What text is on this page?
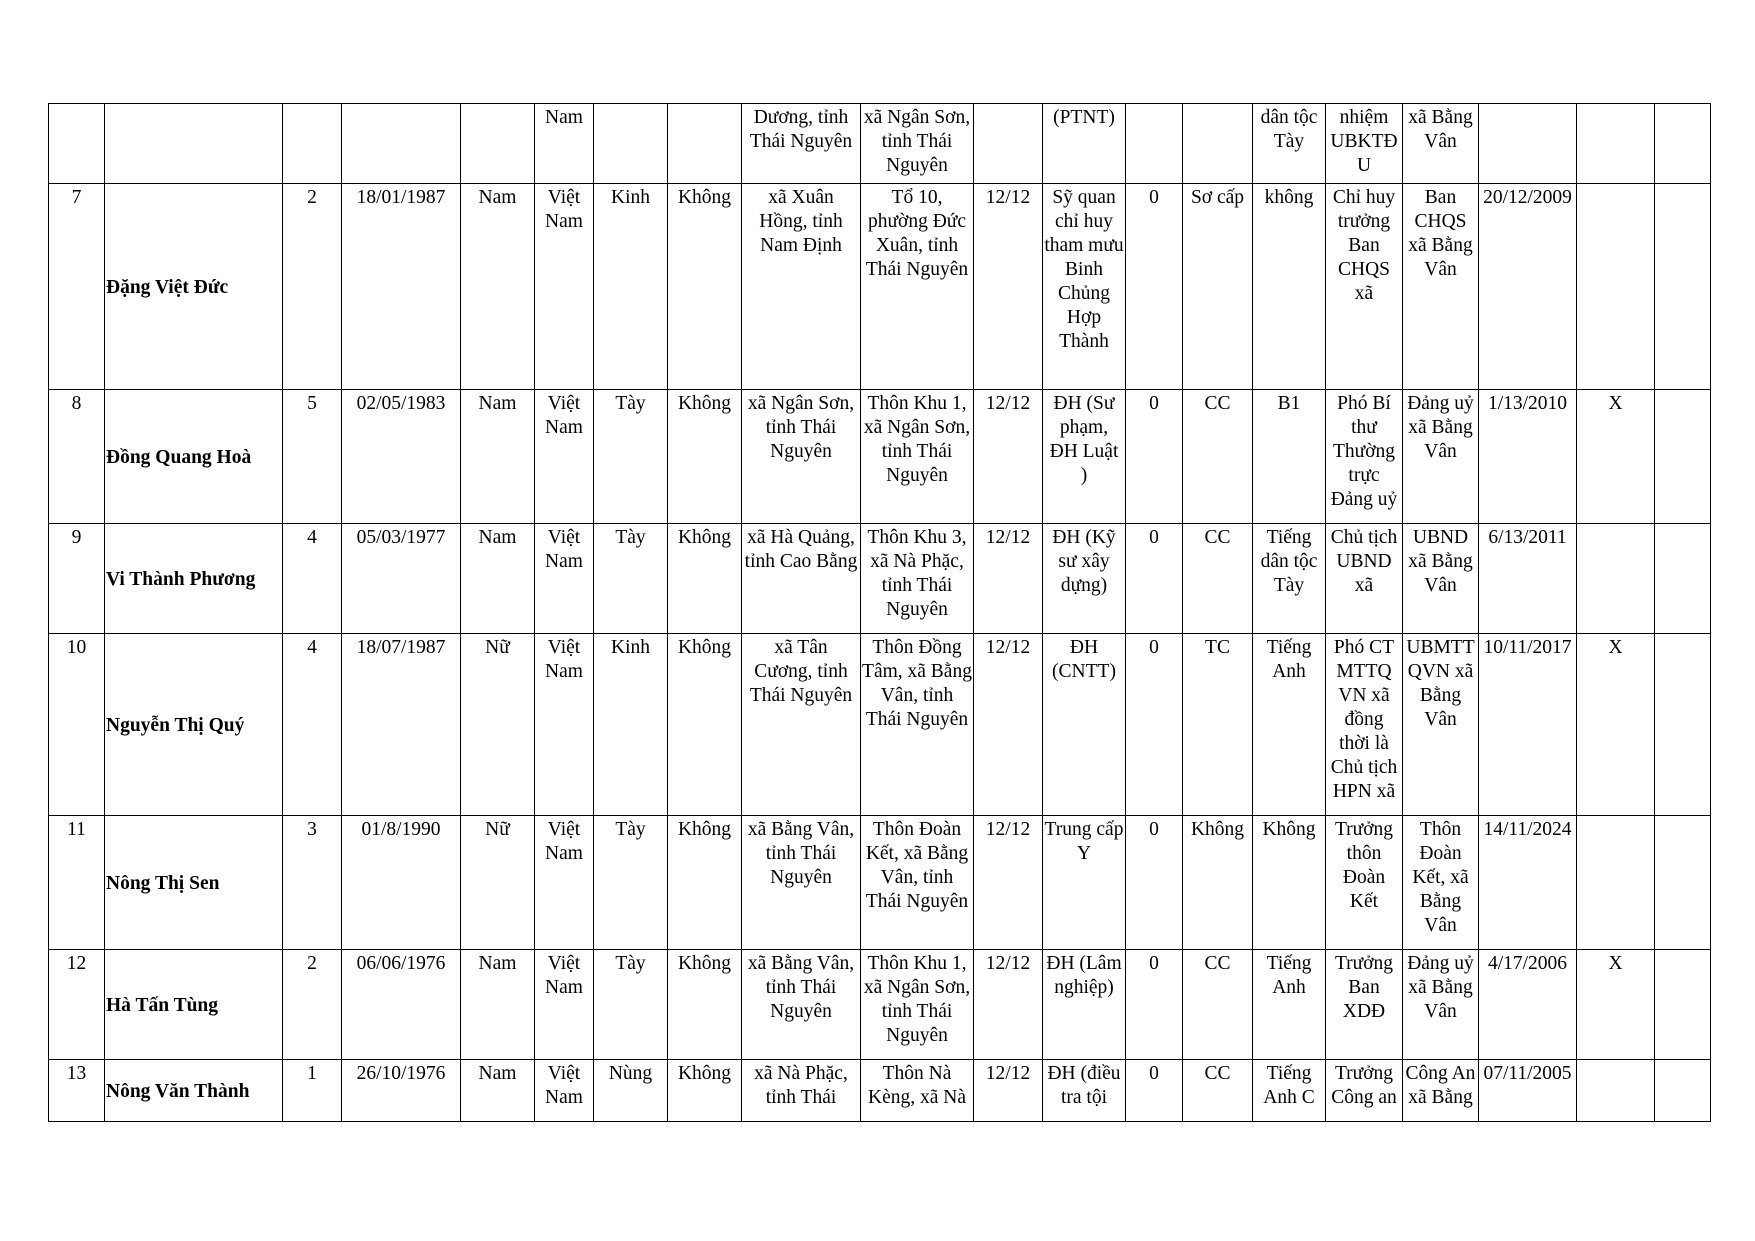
					Nam			Dương, tỉnh Thái Nguyên	xã Ngân Sơn, tỉnh Thái Nguyên		(PTNT)			dân tộc Tày	nhiệm UBKTĐ U	xã Bằng Vân			
7	Đặng Việt Đức	2	18/01/1987	Nam	Việt Nam	Kinh	Không	xã Xuân Hồng, tỉnh Nam Định	Tổ 10, phường Đức Xuân, tỉnh Thái Nguyên	12/12	Sỹ quan chỉ huy tham mưu Binh Chủng Hợp Thành	0	Sơ cấp	không	Chỉ huy trưởng Ban CHQS xã	Ban CHQS xã Bằng Vân	20/12/2009		
8	Đồng Quang Hoà	5	02/05/1983	Nam	Việt Nam	Tày	Không	xã Ngân Sơn, tỉnh Thái Nguyên	Thôn Khu 1, xã Ngân Sơn, tỉnh Thái Nguyên	12/12	ĐH (Sư phạm, ĐH Luật )	0	CC	B1	Phó Bí thư Thường trực Đảng uỷ	Đảng uỷ xã Bằng Vân	1/13/2010	X	
9	Vi Thành Phương	4	05/03/1977	Nam	Việt Nam	Tày	Không	xã Hà Quảng, tỉnh Cao Bằng	Thôn Khu 3, xã Nà Phặc, tỉnh Thái Nguyên	12/12	ĐH (Kỹ sư xây dựng)	0	CC	Tiếng dân tộc Tày	Chủ tịch UBND xã	UBND xã Bằng Vân	6/13/2011		
10	Nguyễn Thị Quý	4	18/07/1987	Nữ	Việt Nam	Kinh	Không	xã Tân Cương, tỉnh Thái Nguyên	Thôn Đồng Tâm, xã Bằng Vân, tỉnh Thái Nguyên	12/12	ĐH (CNTT)	0	TC	Tiếng Anh	Phó CT MTTQ VN xã đồng thời là Chủ tịch HPN xã	UBMTT QVN xã Bằng Vân	10/11/2017	X	
11	Nông Thị Sen	3	01/8/1990	Nữ	Việt Nam	Tày	Không	xã Bằng Vân, tỉnh Thái Nguyên	Thôn Đoàn Kết, xã Bằng Vân, tỉnh Thái Nguyên	12/12	Trung cấp Y	0	Không	Không	Trưởng thôn Đoàn Kết	Thôn Đoàn Kết, xã Bằng Vân	14/11/2024		
12	Hà Tấn Tùng	2	06/06/1976	Nam	Việt Nam	Tày	Không	xã Bằng Vân, tỉnh Thái Nguyên	Thôn Khu 1, xã Ngân Sơn, tỉnh Thái Nguyên	12/12	ĐH (Lâm nghiệp)	0	CC	Tiếng Anh	Trưởng Ban XDĐ	Đảng uỷ xã Bằng Vân	4/17/2006	X	
13	Nông Văn Thành	1	26/10/1976	Nam	Việt Nam	Nùng	Không	xã Nà Phặc, tỉnh Thái	Thôn Nà Kèng, xã Nà	12/12	ĐH (điều tra tội	0	CC	Tiếng Anh C	Trưởng Công an	Công An xã Bằng	07/11/2005		
